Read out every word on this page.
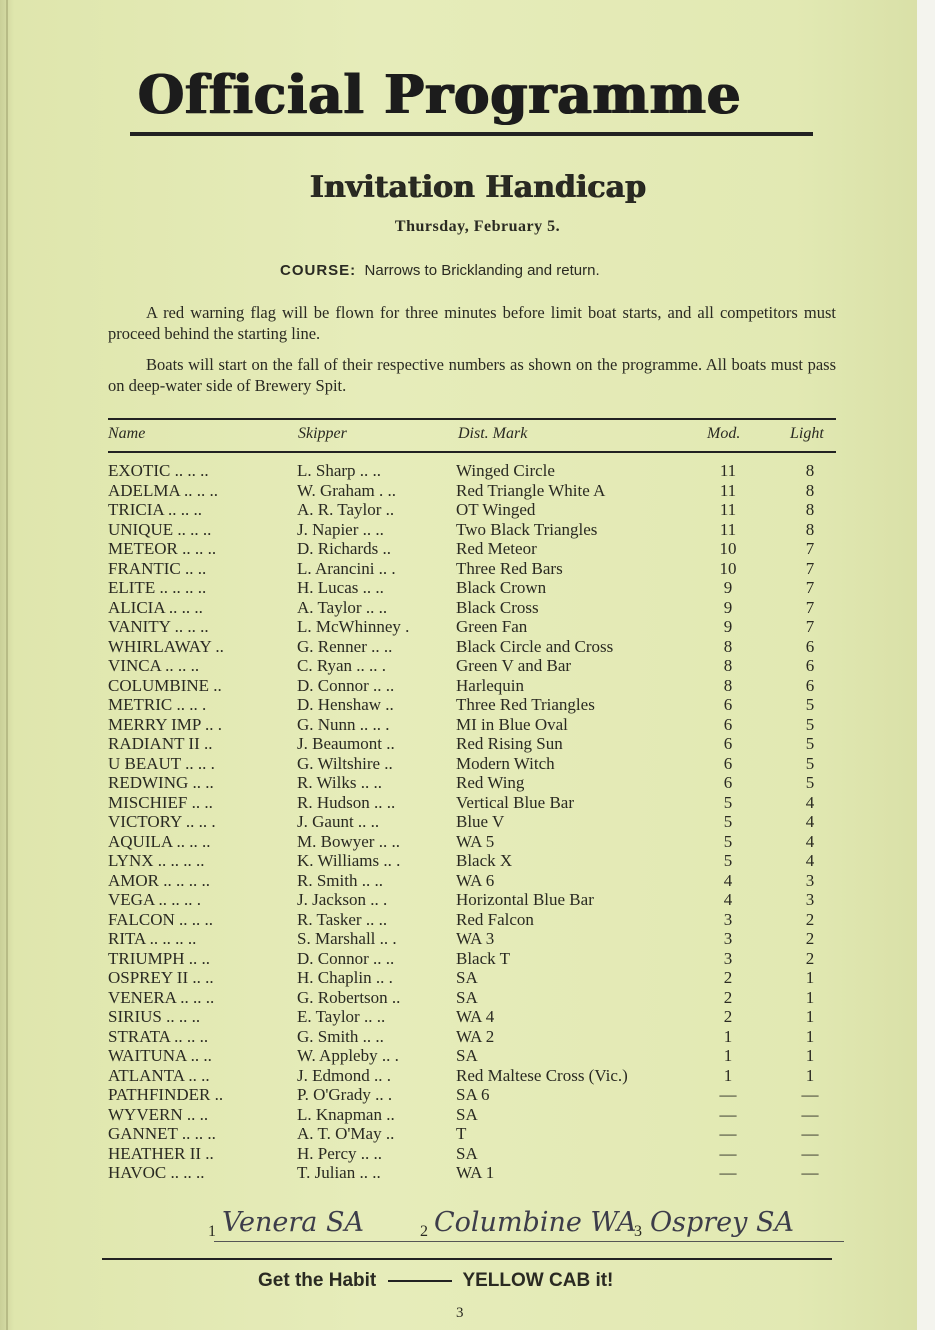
Official Programme
Invitation Handicap
Thursday, February 5.
COURSE: Narrows to Bricklanding and return.
A red warning flag will be flown for three minutes before limit boat starts, and all competitors must proceed behind the starting line.
Boats will start on the fall of their respective numbers as shown on the programme. All boats must pass on deep-water side of Brewery Spit.
Name	Skipper	Dist. Mark	Mod.	Light
EXOTIC .. .. ..	L. Sharp .. ..	Winged Circle	11	8
ADELMA .. .. ..	W. Graham . ..	Red Triangle White A	11	8
TRICIA .. .. ..	A. R. Taylor ..	OT Winged	11	8
UNIQUE .. .. ..	J. Napier .. ..	Two Black Triangles	11	8
METEOR .. .. ..	D. Richards ..	Red Meteor	10	7
FRANTIC .. ..	L. Arancini .. .	Three Red Bars	10	7
ELITE .. .. .. ..	H. Lucas .. ..	Black Crown	9	7
ALICIA .. .. ..	A. Taylor .. ..	Black Cross	9	7
VANITY .. .. ..	L. McWhinney .	Green Fan	9	7
WHIRLAWAY ..	G. Renner .. ..	Black Circle and Cross	8	6
VINCA .. .. ..	C. Ryan .. .. .	Green V and Bar	8	6
COLUMBINE ..	D. Connor .. ..	Harlequin	8	6
METRIC .. .. .	D. Henshaw ..	Three Red Triangles	6	5
MERRY IMP .. .	G. Nunn .. .. .	MI in Blue Oval	6	5
RADIANT II ..	J. Beaumont ..	Red Rising Sun	6	5
U BEAUT .. .. .	G. Wiltshire ..	Modern Witch	6	5
REDWING .. ..	R. Wilks .. ..	Red Wing	6	5
MISCHIEF .. ..	R. Hudson .. ..	Vertical Blue Bar	5	4
VICTORY .. .. .	J. Gaunt .. ..	Blue V	5	4
AQUILA .. .. ..	M. Bowyer .. ..	WA 5	5	4
LYNX .. .. .. ..	K. Williams .. .	Black X	5	4
AMOR .. .. .. ..	R. Smith .. ..	WA 6	4	3
VEGA .. .. .. .	J. Jackson .. .	Horizontal Blue Bar	4	3
FALCON .. .. ..	R. Tasker .. ..	Red Falcon	3	2
RITA .. .. .. ..	S. Marshall .. .	WA 3	3	2
TRIUMPH .. ..	D. Connor .. ..	Black T	3	2
OSPREY II .. ..	H. Chaplin .. .	SA	2	1
VENERA .. .. ..	G. Robertson ..	SA	2	1
SIRIUS .. .. ..	E. Taylor .. ..	WA 4	2	1
STRATA .. .. ..	G. Smith .. ..	WA 2	1	1
WAITUNA .. ..	W. Appleby .. .	SA	1	1
ATLANTA .. ..	J. Edmond .. .	Red Maltese Cross (Vic.)	1	1
PATHFINDER ..	P. O'Grady .. .	SA 6	—	—
WYVERN .. ..	L. Knapman ..	SA	—	—
GANNET .. .. ..	A. T. O'May ..	T	—	—
HEATHER II ..	H. Percy .. ..	SA	—	—
HAVOC .. .. ..	T. Julian .. ..	WA 1	—	—
1 Venera SA	2 Columbine WA
3 Osprey SA
Get the Habit	YELLOW CAB it!
3
